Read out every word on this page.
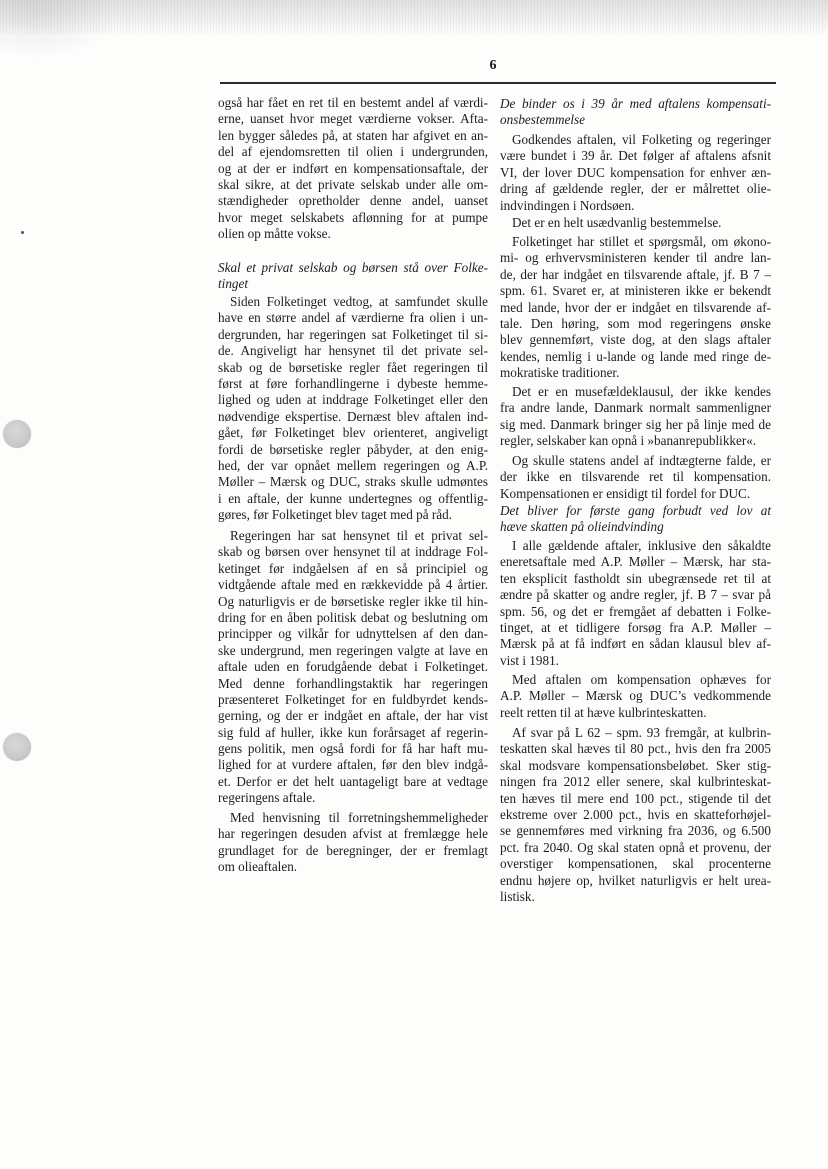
6
også har fået en ret til en bestemt andel af værdi-
erne, uanset hvor meget værdierne vokser. Afta-
len bygger således på, at staten har afgivet en an-
del af ejendomsretten til olien i undergrunden,
og at der er indført en kompensationsaftale, der
skal sikre, at det private selskab under alle om-
stændigheder opretholder denne andel, uanset
hvor meget selskabets aflønning for at pumpe
olien op måtte vokse.
Skal et privat selskab og børsen stå over Folke-
tinget
Siden Folketinget vedtog, at samfundet skulle
have en større andel af værdierne fra olien i un-
dergrunden, har regeringen sat Folketinget til si-
de. Angiveligt har hensynet til det private sel-
skab og de børsetiske regler fået regeringen til
først at føre forhandlingerne i dybeste hemme-
lighed og uden at inddrage Folketinget eller den
nødvendige ekspertise. Dernæst blev aftalen ind-
gået, før Folketinget blev orienteret, angiveligt
fordi de børsetiske regler påbyder, at den enig-
hed, der var opnået mellem regeringen og A.P.
Møller – Mærsk og DUC, straks skulle udmøntes
i en aftale, der kunne undertegnes og offentlig-
gøres, før Folketinget blev taget med på råd.
Regeringen har sat hensynet til et privat sel-
skab og børsen over hensynet til at inddrage Fol-
ketinget før indgåelsen af en så principiel og
vidtgående aftale med en rækkevidde på 4 årtier.
Og naturligvis er de børsetiske regler ikke til hin-
dring for en åben politisk debat og beslutning om
principper og vilkår for udnyttelsen af den dan-
ske undergrund, men regeringen valgte at lave en
aftale uden en forudgående debat i Folketinget.
Med denne forhandlingstaktik har regeringen
præsenteret Folketinget for en fuldbyrdet kends-
gerning, og der er indgået en aftale, der har vist
sig fuld af huller, ikke kun forårsaget af regerin-
gens politik, men også fordi for få har haft mu-
lighed for at vurdere aftalen, før den blev indgå-
et. Derfor er det helt uantageligt bare at vedtage
regeringens aftale.
Med henvisning til forretningshemmeligheder
har regeringen desuden afvist at fremlægge hele
grundlaget for de beregninger, der er fremlagt
om olieaftalen.
De binder os i 39 år med aftalens kompensati-
onsbestemmelse
Godkendes aftalen, vil Folketing og regeringer
være bundet i 39 år. Det følger af aftalens afsnit
VI, der lover DUC kompensation for enhver æn-
dring af gældende regler, der er målrettet olie-
indvindingen i Nordsøen.
Det er en helt usædvanlig bestemmelse.
Folketinget har stillet et spørgsmål, om økono-
mi- og erhvervsministeren kender til andre lan-
de, der har indgået en tilsvarende aftale, jf. B 7 –
spm. 61. Svaret er, at ministeren ikke er bekendt
med lande, hvor der er indgået en tilsvarende af-
tale. Den høring, som mod regeringens ønske
blev gennemført, viste dog, at den slags aftaler
kendes, nemlig i u-lande og lande med ringe de-
mokratiske traditioner.
Det er en musefældeklausul, der ikke kendes
fra andre lande, Danmark normalt sammenligner
sig med. Danmark bringer sig her på linje med de
regler, selskaber kan opnå i »bananrepublikker«.
Og skulle statens andel af indtægterne falde, er
der ikke en tilsvarende ret til kompensation.
Kompensationen er ensidigt til fordel for DUC.
Det bliver for første gang forbudt ved lov at
hæve skatten på olieindvinding
I alle gældende aftaler, inklusive den såkaldte
eneretsaftale med A.P. Møller – Mærsk, har sta-
ten eksplicit fastholdt sin ubegrænsede ret til at
ændre på skatter og andre regler, jf. B 7 – svar på
spm. 56, og det er fremgået af debatten i Folke-
tinget, at et tidligere forsøg fra A.P. Møller –
Mærsk på at få indført en sådan klausul blev af-
vist i 1981.
Med aftalen om kompensation ophæves for
A.P. Møller – Mærsk og DUC’s vedkommende
reelt retten til at hæve kulbrinteskatten.
Af svar på L 62 – spm. 93 fremgår, at kulbrin-
teskatten skal hæves til 80 pct., hvis den fra 2005
skal modsvare kompensationsbeløbet. Sker stig-
ningen fra 2012 eller senere, skal kulbrinteskat-
ten hæves til mere end 100 pct., stigende til det
ekstreme over 2.000 pct., hvis en skatteforhøjel-
se gennemføres med virkning fra 2036, og 6.500
pct. fra 2040. Og skal staten opnå et provenu, der
overstiger kompensationen, skal procenterne
endnu højere op, hvilket naturligvis er helt urea-
listisk.
